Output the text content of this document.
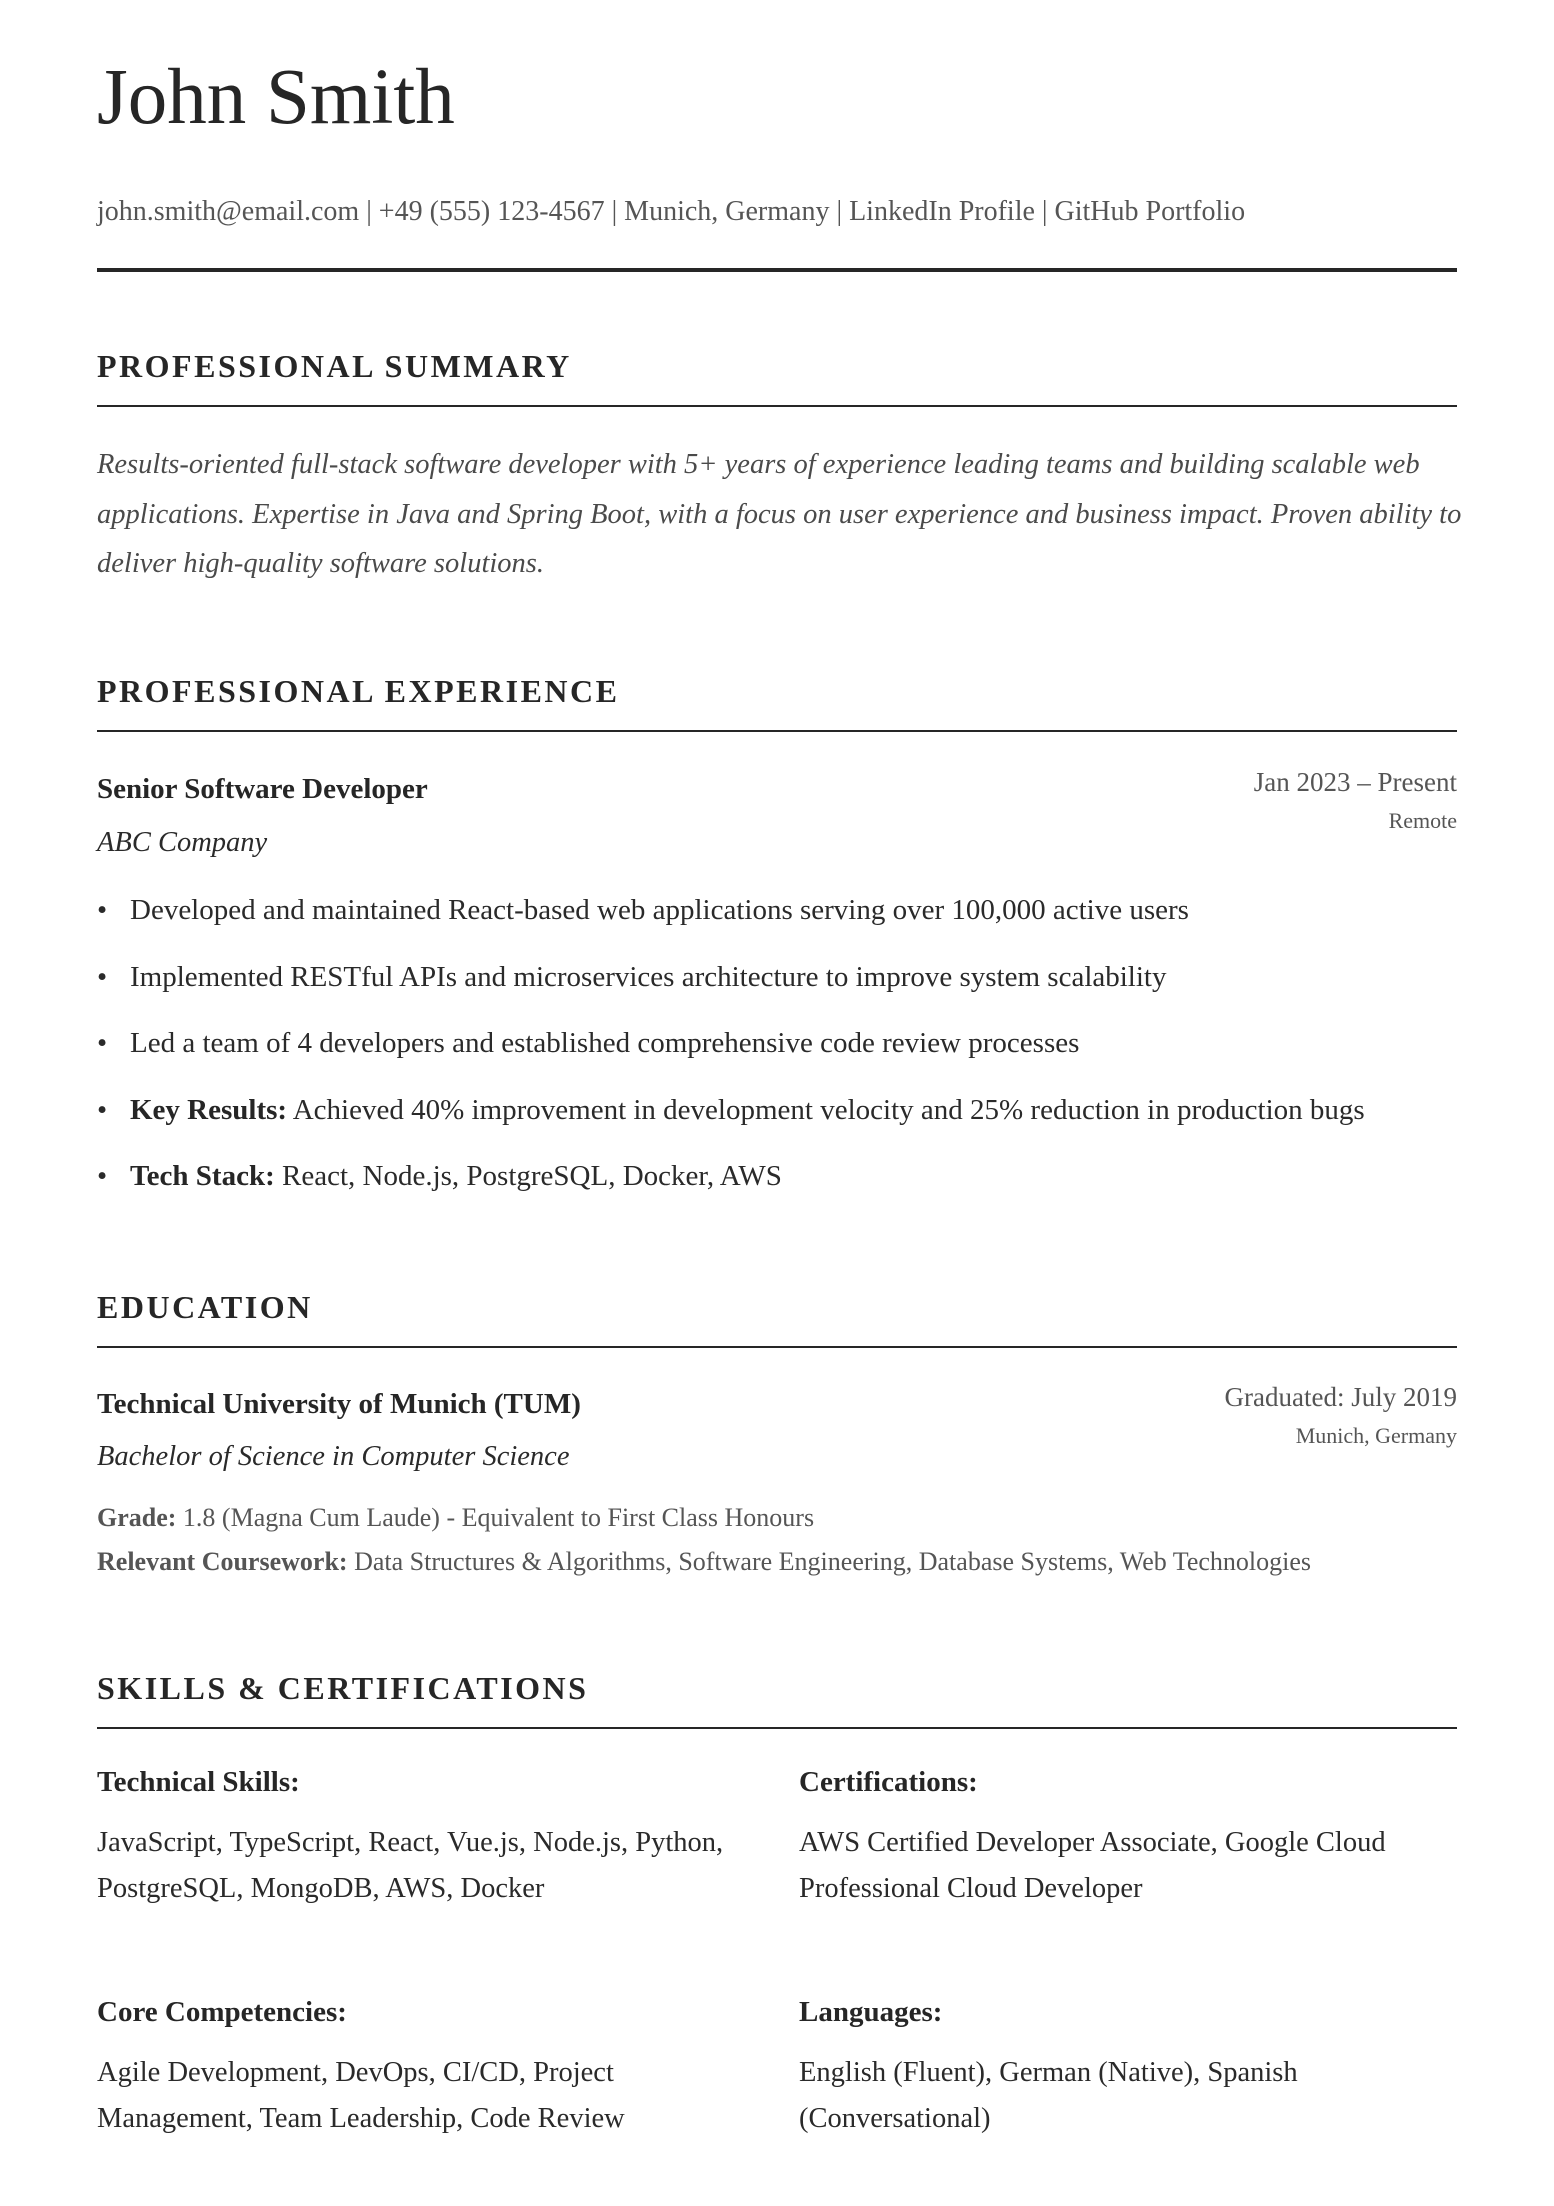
John Smith
john.smith@email.com | +49 (555) 123-4567 | Munich, Germany | LinkedIn Profile | GitHub Portfolio
PROFESSIONAL SUMMARY

Results-oriented full-stack software developer with 5+ years of experience leading teams and building scalable web applications. Expertise in Java and Spring Boot, with a focus on user experience and business impact. Proven ability to deliver high-quality software solutions.

PROFESSIONAL EXPERIENCE
Senior Software Developer
ABC Company
Jan 2023 – Present
Remote
• Developed and maintained React-based web applications serving over 100,000 active users
• Implemented RESTful APIs and microservices architecture to improve system scalability
• Led a team of 4 developers and established comprehensive code review processes
• Key Results: Achieved 40% improvement in development velocity and 25% reduction in production bugs
• Tech Stack: React, Node.js, PostgreSQL, Docker, AWS
EDUCATION
Technical University of Munich (TUM)
Bachelor of Science in Computer Science
Graduated: July 2019
Munich, Germany
Grade: 1.8 (Magna Cum Laude) - Equivalent to First Class Honours
Relevant Coursework: Data Structures & Algorithms, Software Engineering, Database Systems, Web Technologies
SKILLS & CERTIFICATIONS
Technical Skills:

JavaScript, TypeScript, React, Vue.js, Node.js, Python, PostgreSQL, MongoDB, AWS, Docker

Certifications:

AWS Certified Developer Associate, Google Cloud Professional Cloud Developer

Core Competencies:

Agile Development, DevOps, CI/CD, Project Management, Team Leadership, Code Review

Languages:

English (Fluent), German (Native), Spanish (Conversational)
